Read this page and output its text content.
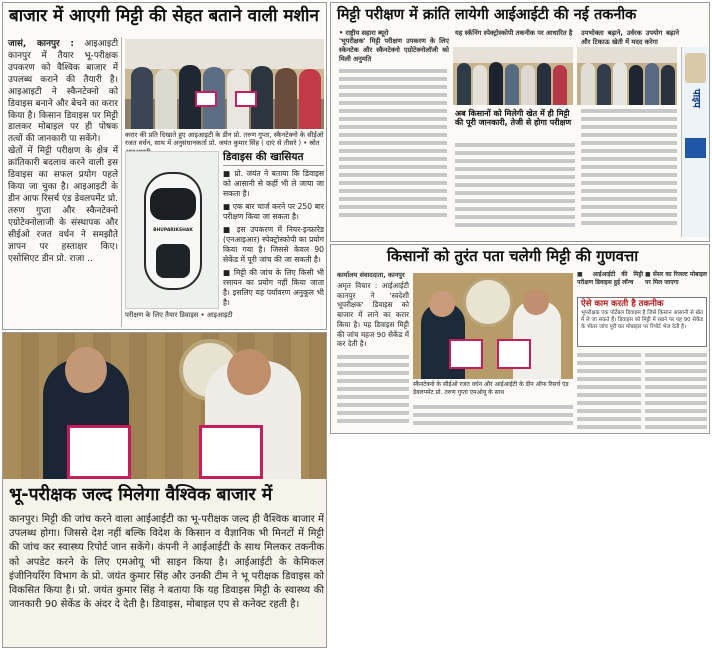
बाजार में आएगी मिट्टी की सेहत बताने वाली मशीन
जासं, कानपुर : आइआइटी कानपुर में तैयार भू-परीक्षक उपकरण को वैश्विक बाजार में उपलब्ध कराने की तैयारी है। आइआइटी ने स्कैनटेक्नो को डिवाइस बनाने और बेचने का करार किया है। किसान डिवाइस पर मिट्टी डालकर मोबाइल पर ही पोषक तत्वों की जानकारी पा सकेंगे।
खेतों में मिट्टी परीक्षण के क्षेत्र में क्रांतिकारी बदलाव करने वाली इस डिवाइस का सफल प्रयोग पहले किया जा चुका है। आइआइटी के डीन आफ रिसर्च एंड डेवलपमेंट प्रो. तरुण गुप्ता और स्कैनटेक्नो एग्रोटेक्नोलाजी के संस्थापक और सीईओ रजत वर्धन ने समझौते ज्ञापन पर हस्ताक्षर किए। एसोसिएट डीन प्रो. राजा ..
करार की प्रति दिखाते हुए आइआइटी के डीन प्रो. तरुण गुप्ता, स्कैनटेक्नो के सीईओ रजत वर्धन, साथ में अनुसंधानकर्ता प्रो. जयंत कुमार सिंह ( दाएं से तीसरे ) • स्रोत
BHUPARIKSHAK
परीक्षण के लिए तैयार डिवाइस • आइआइटी
डिवाइस की खासियत
■ प्रो. जयंत ने बताया कि डिवाइस को आसानी से कहीं भी ले जाया जा सकता है।
■ एक बार चार्ज करने पर 250 बार परीक्षण किया जा सकता है।
■ इस उपकरण में नियर-इन्फ्रारेड (एनआइआर) स्पेक्ट्रोस्कोपी का प्रयोग किया गया है। जिससे केवल 90 सेकेंड में पूरी जांच की जा सकती है।
■ मिट्टी की जांच के लिए किसी भी रसायन का प्रयोग नहीं किया जाता है। इसलिए यह पर्यावरण अनुकूल भी है।
मिट्टी परीक्षण में क्रांति लायेगी आईआईटी की नई तकनीक
• राष्ट्रीय सहारा ब्यूरो
'भूपरीक्षक' मिट्टी परीक्षण उपकरण के लिए स्केनटेक और स्कैनटेक्नो एग्रोटेक्नोलॉजी को मिली अनुमति
यह स्कॅनिंग स्पेक्ट्रोस्कोपी तकनीक पर आधारित है	उपभोक्ता बढ़ाने, उर्वरक उपयोग बढ़ाने और टिकाऊ खेती में मदद करेगा
अब किसानों को मिलेगी खेत में ही मिट्टी की पूरी जानकारी, तेजी से होगा परीक्षण
पाइप
किसानों को तुरंत पता चलेगी मिट्टी की गुणवत्ता
कार्यालय संवाददाता, कानपुर
अमृत विचार : आईआईटी कानपुर ने 'स्वदेशी भूपरीक्षक' डिवाइस को बाजार में लाने का करार किया है। यह डिवाइस मिट्टी की जांच महज 90 सेकेंड में कर देती है।
स्कैनटेक्नो के सीईओ रजत वर्धन और आईआईटी के डीन ऑफ रिसर्च एंड डेवलपमेंट प्रो. तरुण गुप्ता एमओयू के साथ
■ आईआईटी की मिट्टी परीक्षण डिवाइस हुई लॉन्च
■ सेंसर का रिजल्ट मोबाइल पर मिल जाएगा
ऐसे काम करती है तकनीक
भूपरीक्षक एक पोर्टेबल डिवाइस है जिसे किसान आसानी से खेत में ले जा सकते हैं। डिवाइस को मिट्टी में रखने पर यह 90 सेकेंड के भीतर जांच पूरी कर मोबाइल पर रिपोर्ट भेज देती है।
भू-परीक्षक जल्द मिलेगा वैश्विक बाजार में

कानपुर। मिट्टी की जांच करने वाला आईआईटी का भू-परीक्षक जल्द ही वैश्विक बाजार में उपलब्ध होगा। जिससे देश नहीं बल्कि विदेश के किसान व वैज्ञानिक भी मिनटों में मिट्टी की जांच कर स्वास्थ्य रिपोर्ट जान सकेंगे। कंपनी ने आईआईटी के साथ मिलकर तकनीक को अपडेट करने के लिए एमओयू भी साइन किया है। आईआईटी के केमिकल इंजीनियरिंग विभाग के प्रो. जयंत कुमार सिंह और उनकी टीम ने भू परीक्षक डिवाइस को विकसित किया है। प्रो. जयंत कुमार सिंह ने बताया कि यह डिवाइस मिट्टी के स्वास्थ्य की जानकारी 90 सेकेंड के अंदर दे देती है। डिवाइस, मोबाइल एप से कनेक्ट रहती है।
